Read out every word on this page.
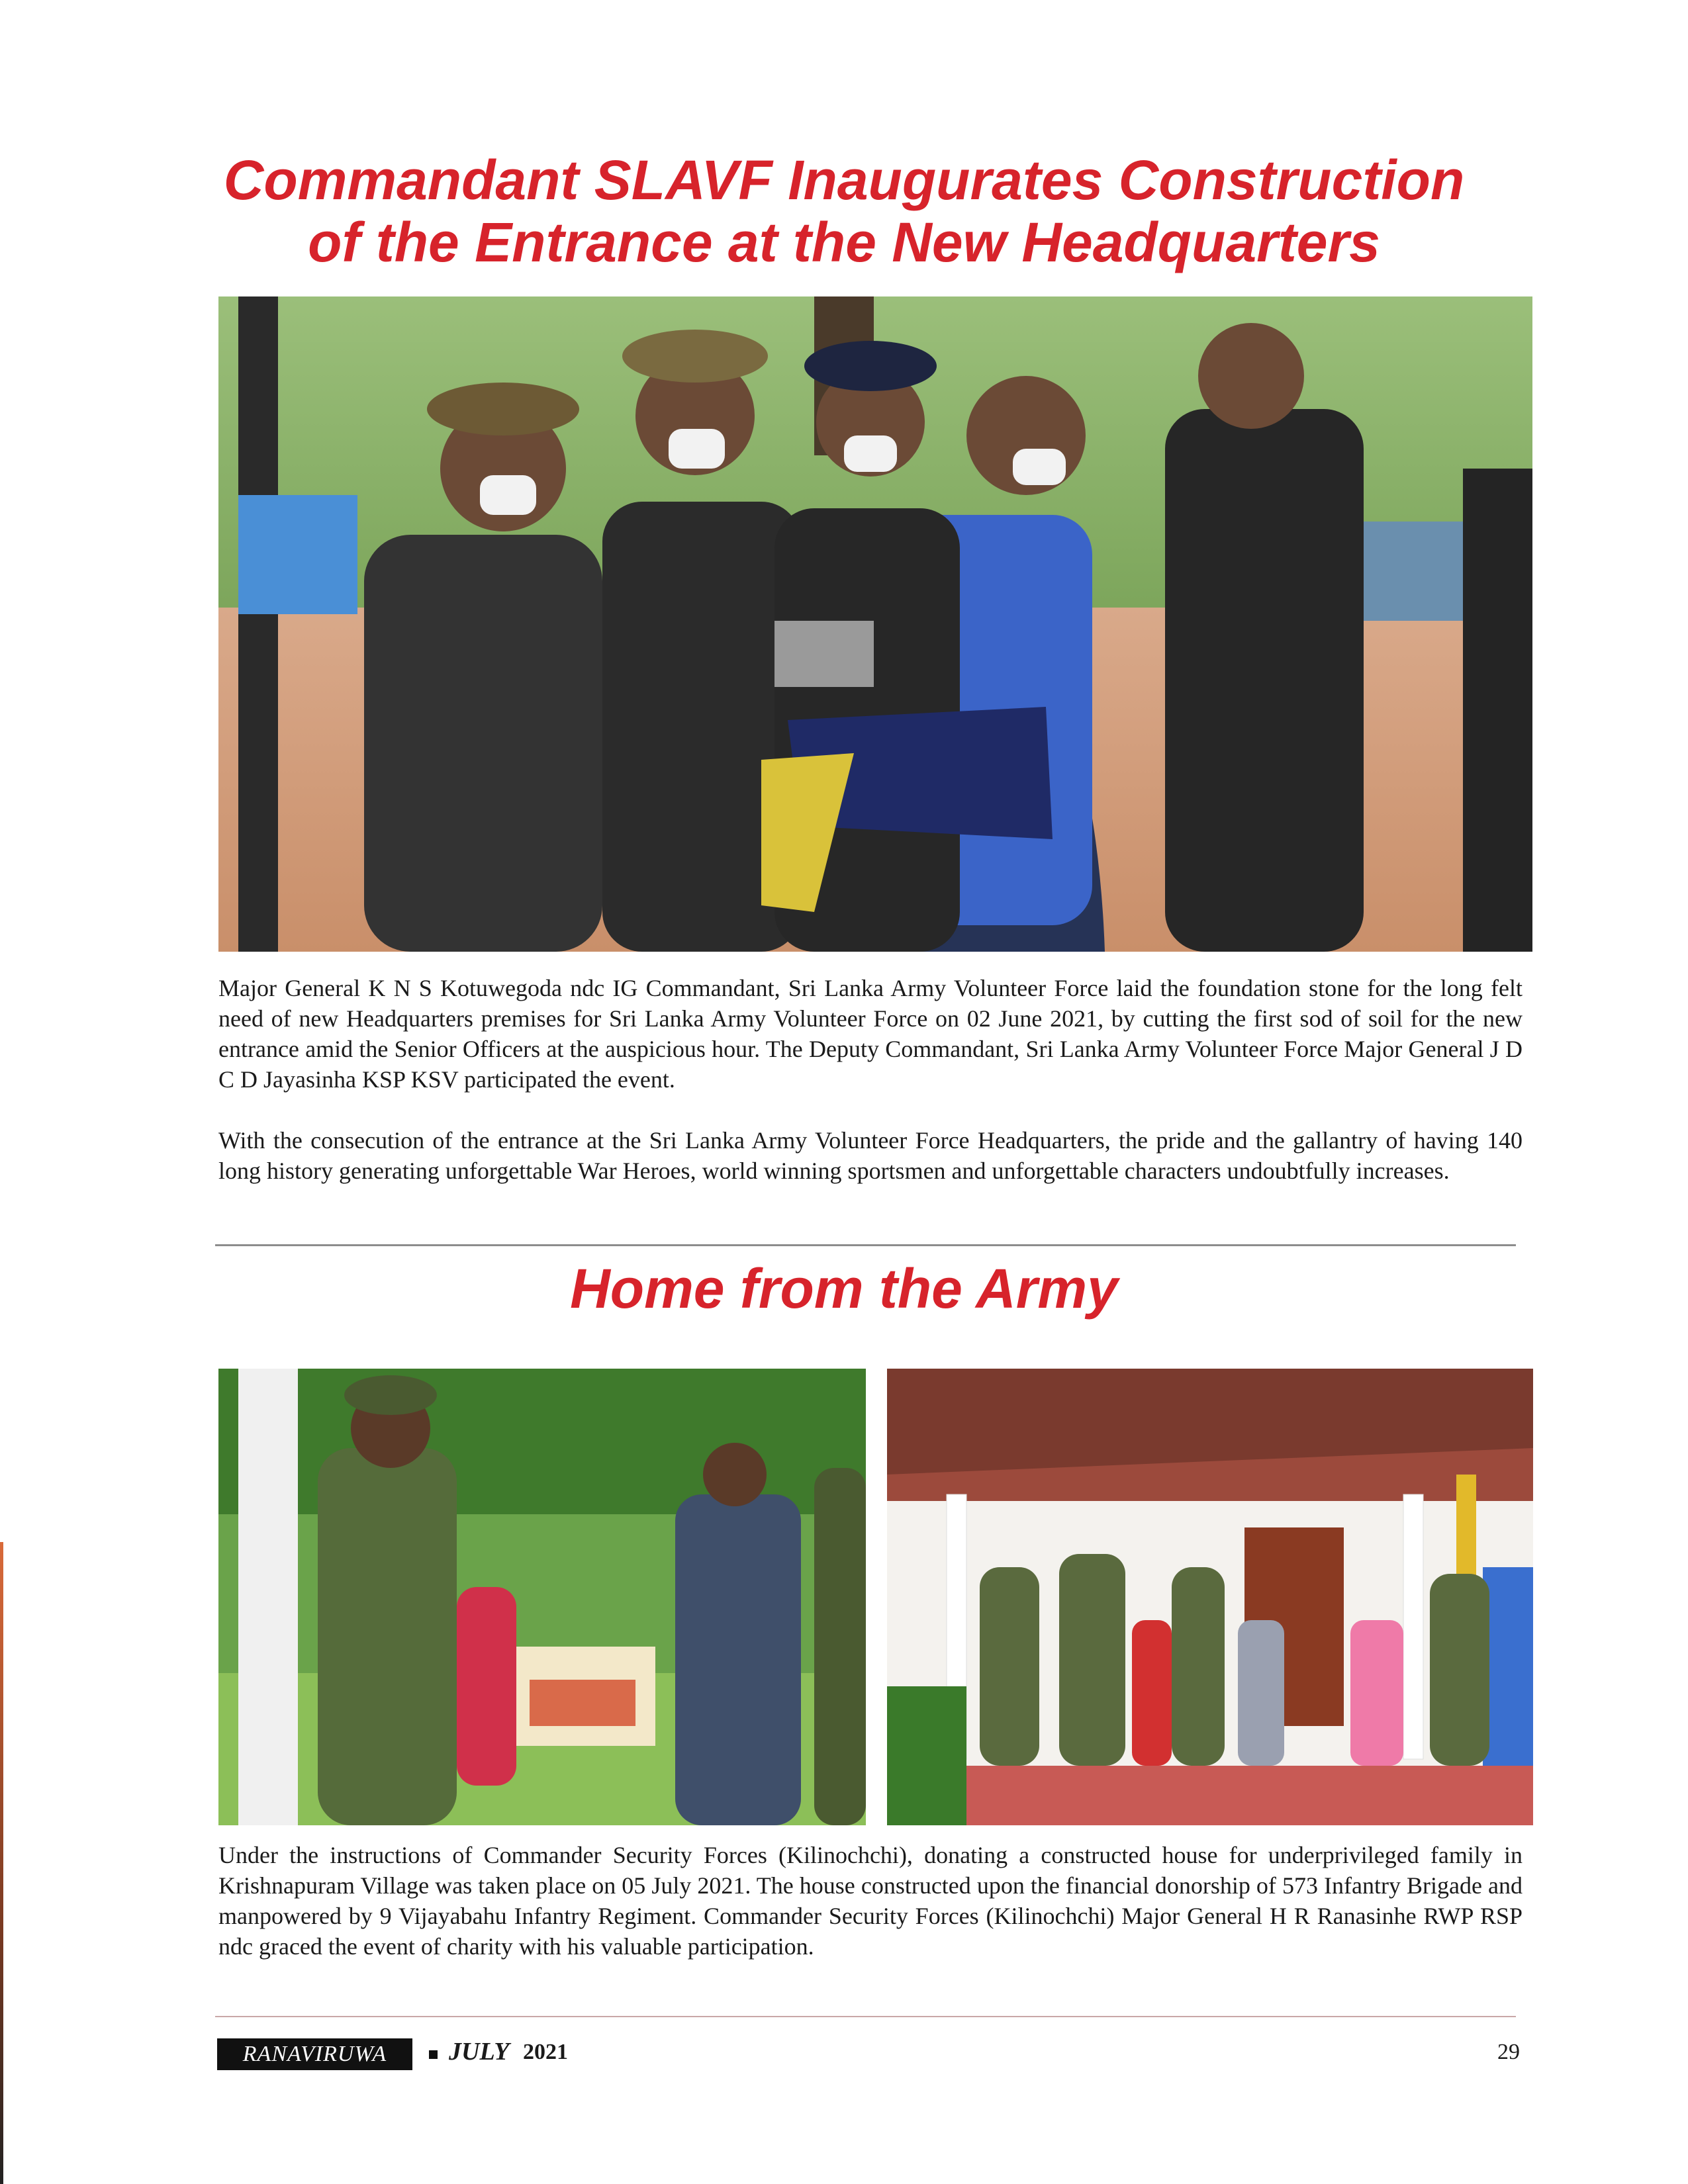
Commandant SLAVF Inaugurates Construction
of the Entrance at the New Headquarters

Major General K N S Kotuwegoda ndc IG Commandant, Sri Lanka Army Volunteer Force laid the foundation stone for the long felt need of new Headquarters premises for Sri Lanka Army Volunteer Force on 02 June 2021, by cutting the first sod of soil for the new entrance amid the Senior Officers at the auspicious hour. The Deputy Commandant, Sri Lanka Army Volunteer Force Major General J D C D Jayasinha KSP KSV participated the event.

With the consecution of the entrance at the Sri Lanka Army Volunteer Force Headquarters, the pride and the gallantry of having 140 long history generating unforgettable War Heroes, world winning sportsmen and unforgettable characters undoubtfully increases.

Home from the Army

Under the instructions of Commander Security Forces (Kilinochchi), donating a constructed house for underprivileged family in Krishnapuram Village was taken place on 05 July 2021. The house constructed upon the financial donorship of 573 Infantry Brigade and manpowered by 9 Vijayabahu Infantry Regiment. Commander Security Forces (Kilinochchi) Major General H R Ranasinhe RWP RSP ndc graced the event of charity with his valuable participation.

RANAVIRUWA	JULY 2021	29
